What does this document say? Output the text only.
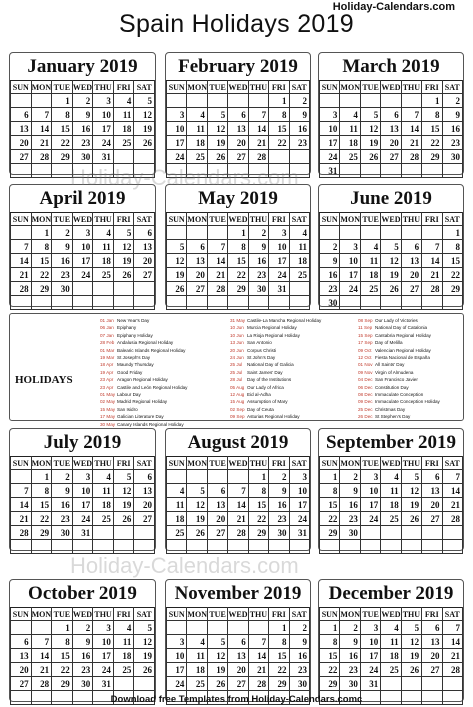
Holiday-Calendars.com
Spain Holidays 2019
January 2019
SUN	MON	TUE	WED	THU	FRI	SAT
		1	2	3	4	5
6	7	8	9	10	11	12
13	14	15	16	17	18	19
20	21	22	23	24	25	26
27	28	29	30	31		

February 2019
SUN	MON	TUE	WED	THU	FRI	SAT
					1	2
3	4	5	6	7	8	9
10	11	12	13	14	15	16
17	18	19	20	21	22	23
24	25	26	27	28		

March 2019
SUN	MON	TUE	WED	THU	FRI	SAT
					1	2
3	4	5	6	7	8	9
10	11	12	13	14	15	16
17	18	19	20	21	22	23
24	25	26	27	28	29	30
31						
April 2019
SUN	MON	TUE	WED	THU	FRI	SAT
	1	2	3	4	5	6
7	8	9	10	11	12	13
14	15	16	17	18	19	20
21	22	23	24	25	26	27
28	29	30				

May 2019
SUN	MON	TUE	WED	THU	FRI	SAT
			1	2	3	4
5	6	7	8	9	10	11
12	13	14	15	16	17	18
19	20	21	22	23	24	25
26	27	28	29	30	31	

June 2019
SUN	MON	TUE	WED	THU	FRI	SAT
						1
2	3	4	5	6	7	8
9	10	11	12	13	14	15
16	17	18	19	20	21	22
23	24	25	26	27	28	29
30						
July 2019
SUN	MON	TUE	WED	THU	FRI	SAT
	1	2	3	4	5	6
7	8	9	10	11	12	13
14	15	16	17	18	19	20
21	22	23	24	25	26	27
28	29	30	31			

August 2019
SUN	MON	TUE	WED	THU	FRI	SAT
				1	2	3
4	5	6	7	8	9	10
11	12	13	14	15	16	17
18	19	20	21	22	23	24
25	26	27	28	29	30	31

September 2019
SUN	MON	TUE	WED	THU	FRI	SAT
1	2	3	4	5	6	7
8	9	10	11	12	13	14
15	16	17	18	19	20	21
22	23	24	25	26	27	28
29	30					

October 2019
SUN	MON	TUE	WED	THU	FRI	SAT
		1	2	3	4	5
6	7	8	9	10	11	12
13	14	15	16	17	18	19
20	21	22	23	24	25	26
27	28	29	30	31		

November 2019
SUN	MON	TUE	WED	THU	FRI	SAT
					1	2
3	4	5	6	7	8	9
10	11	12	13	14	15	16
17	18	19	20	21	22	23
24	25	26	27	28	29	30

December 2019
SUN	MON	TUE	WED	THU	FRI	SAT
1	2	3	4	5	6	7
8	9	10	11	12	13	14
15	16	17	18	19	20	21
22	23	24	25	26	27	28
29	30	31				

HOLIDAYS
01 Jan New Year's Day
06 Jan Epiphany
07 Jan Epiphany Holiday
28 Feb Andalusia Regional Holiday
01 Mar Balearic Islands Regional Holiday
19 Mar St Joseph's Day
18 Apr Maundy Thursday
19 Apr Good Friday
23 Apr Aragon Regional Holiday
23 Apr Castile and León Regional Holiday
01 May Labour Day
02 May Madrid Regional Holiday
15 May San Isidro
17 May Galician Literature Day
30 May Canary Islands Regional Holiday
31 May Castile-La Mancha Regional Holiday
10 Jun Murcia Regional Holiday
10 Jun La Rioja Regional Holiday
13 Jun San Antonio
20 Jun Corpus Christi
24 Jun St John's Day
25 Jul National Day of Galicia
25 Jul Saint James' Day
28 Jul Day of the Institutions
05 Aug Our Lady of Africa
12 Aug Eid al-Adha
15 Aug Assumption of Mary
02 Sep Day of Ceuta
09 Sep Asturias Regional Holiday
08 Sep Our Lady of Victories
11 Sep National Day of Catalonia
15 Sep Cantabria Regional Holiday
17 Sep Day of Melilla
09 Oct Valencian Regional Holiday
12 Oct Fiesta Nacional de España
01 Nov All Saints' Day
09 Nov Virgin of Almudena
04 Dec San Francisco Javier
06 Dec Constitution Day
08 Dec Immaculate Conception
09 Dec Immaculate Conception Holiday
25 Dec Christmas Day
26 Dec St Stephen's Day
Holiday-Calendars.com
Holiday-Calendars.com
Download free Templates from Holiday-Calendars.comc
